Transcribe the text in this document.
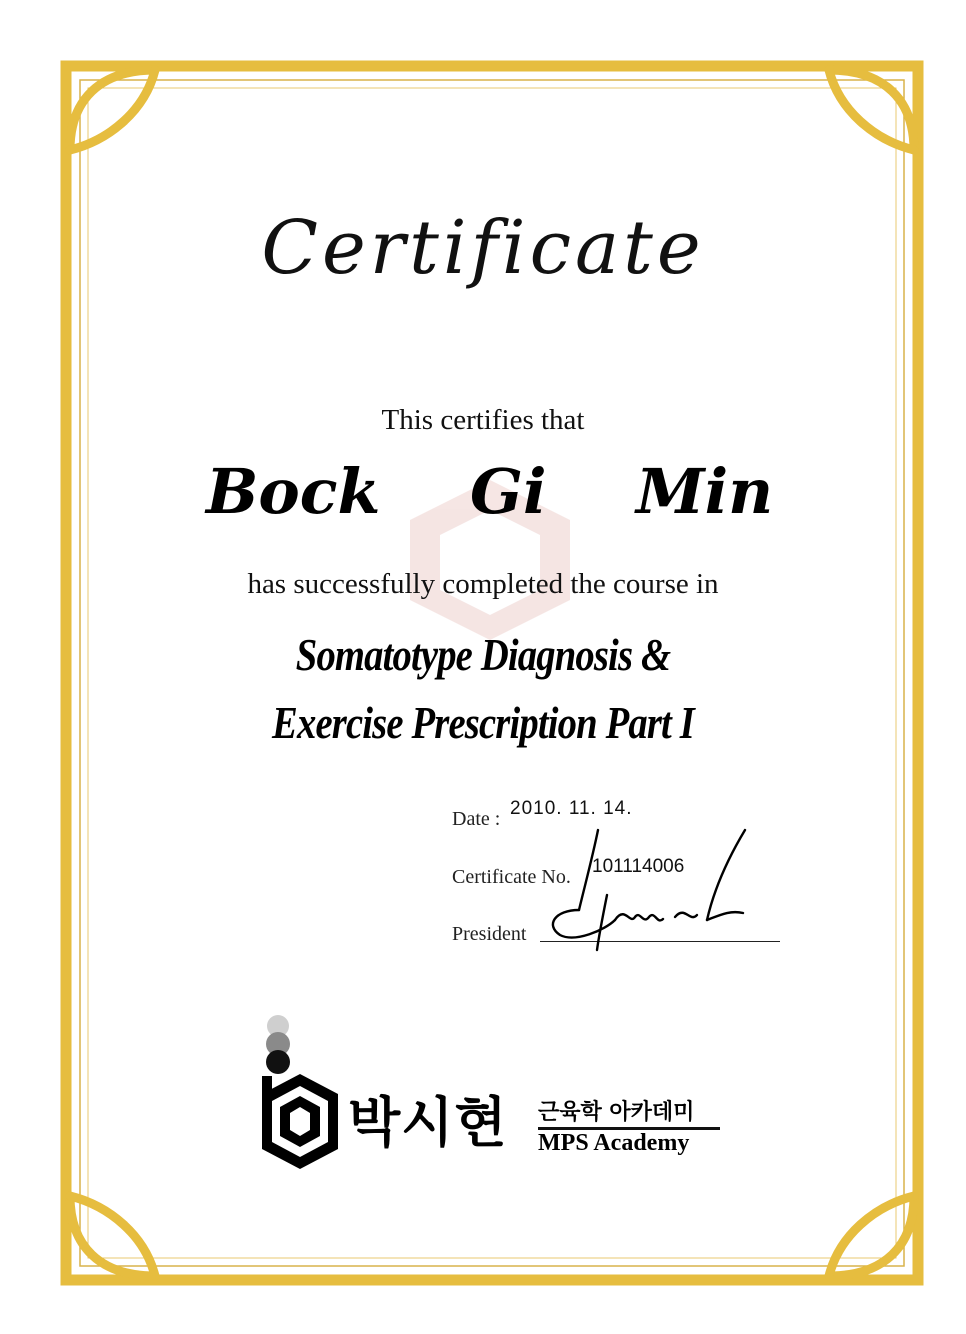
Certificate
This certifies that
Bock Gi Min
has successfully completed the course in
Somatotype Diagnosis &
Exercise Prescription Part I
Date : 2010. 11. 14.
Certificate No. 101114006
President
박시현 근육학 아카데미
MPS Academy
